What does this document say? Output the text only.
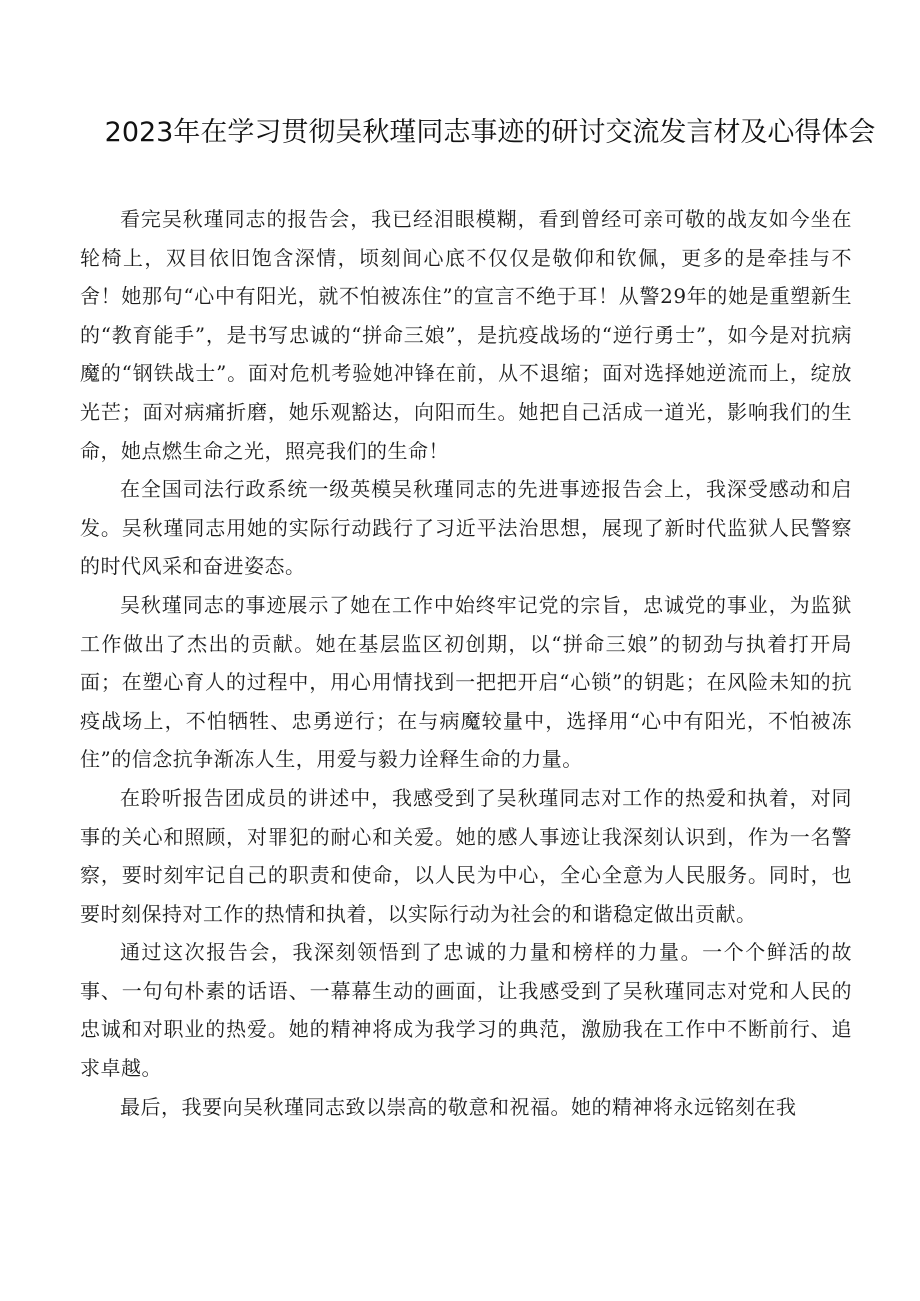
2023年在学习贯彻吴秋瑾同志事迹的研讨交流发言材及心得体会

看完吴秋瑾同志的报告会，我已经泪眼模糊，看到曾经可亲可敬的战友如今坐在轮椅上，双目依旧饱含深情，顷刻间心底不仅仅是敬仰和钦佩，更多的是牵挂与不舍！她那句“心中有阳光，就不怕被冻住”的宣言不绝于耳！从警29年的她是重塑新生的“教育能手”，是书写忠诚的“拼命三娘”，是抗疫战场的“逆行勇士”，如今是对抗病魔的“钢铁战士”。面对危机考验她冲锋在前，从不退缩；面对选择她逆流而上，绽放光芒；面对病痛折磨，她乐观豁达，向阳而生。她把自己活成一道光，影响我们的生命，她点燃生命之光，照亮我们的生命！

在全国司法行政系统一级英模吴秋瑾同志的先进事迹报告会上，我深受感动和启发。吴秋瑾同志用她的实际行动践行了习近平法治思想，展现了新时代监狱人民警察的时代风采和奋进姿态。

吴秋瑾同志的事迹展示了她在工作中始终牢记党的宗旨，忠诚党的事业，为监狱工作做出了杰出的贡献。她在基层监区初创期，以“拼命三娘”的韧劲与执着打开局面；在塑心育人的过程中，用心用情找到一把把开启“心锁”的钥匙；在风险未知的抗疫战场上，不怕牺牲、忠勇逆行；在与病魔较量中，选择用“心中有阳光，不怕被冻住”的信念抗争渐冻人生，用爱与毅力诠释生命的力量。

在聆听报告团成员的讲述中，我感受到了吴秋瑾同志对工作的热爱和执着，对同事的关心和照顾，对罪犯的耐心和关爱。她的感人事迹让我深刻认识到，作为一名警察，要时刻牢记自己的职责和使命，以人民为中心，全心全意为人民服务。同时，也要时刻保持对工作的热情和执着，以实际行动为社会的和谐稳定做出贡献。

通过这次报告会，我深刻领悟到了忠诚的力量和榜样的力量。一个个鲜活的故事、一句句朴素的话语、一幕幕生动的画面，让我感受到了吴秋瑾同志对党和人民的忠诚和对职业的热爱。她的精神将成为我学习的典范，激励我在工作中不断前行、追求卓越。

最后，我要向吴秋瑾同志致以崇高的敬意和祝福。她的精神将永远铭刻在我
